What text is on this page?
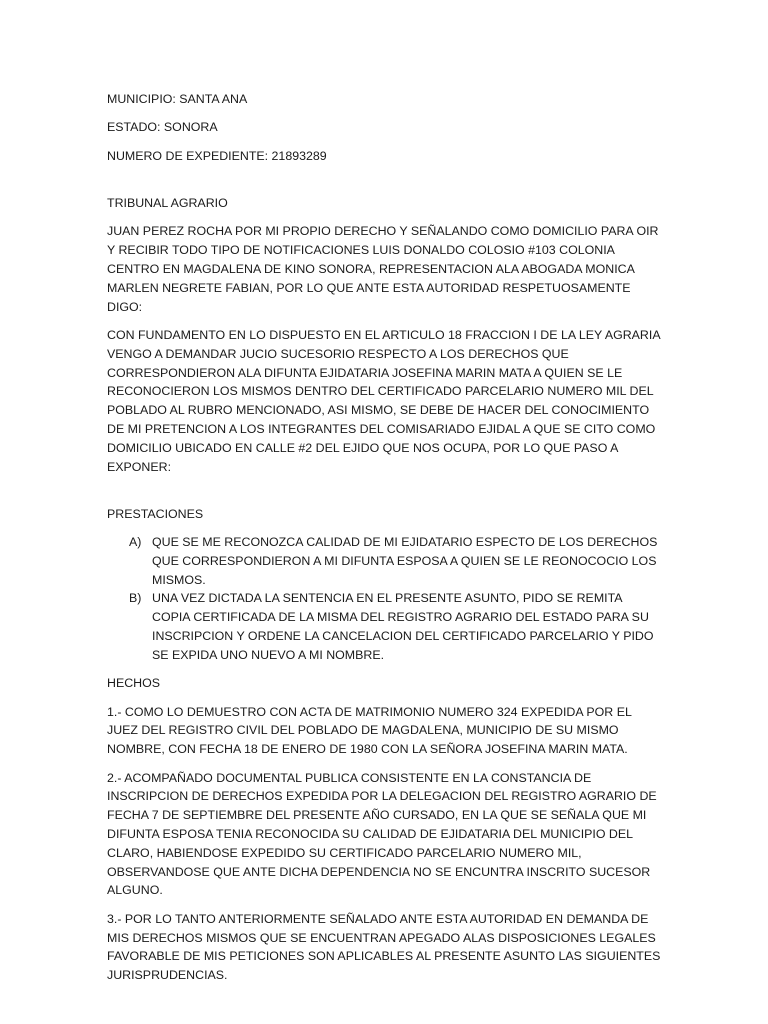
MUNICIPIO: SANTA ANA

ESTADO: SONORA

NUMERO DE EXPEDIENTE: 21893289

TRIBUNAL AGRARIO

JUAN PEREZ ROCHA POR MI PROPIO DERECHO Y SEÑALANDO COMO DOMICILIO PARA OIR Y RECIBIR TODO TIPO DE NOTIFICACIONES LUIS DONALDO COLOSIO #103 COLONIA CENTRO EN MAGDALENA DE KINO SONORA, REPRESENTACION ALA ABOGADA MONICA MARLEN NEGRETE FABIAN, POR LO QUE ANTE ESTA AUTORIDAD RESPETUOSAMENTE DIGO:

CON FUNDAMENTO EN LO DISPUESTO EN EL ARTICULO 18 FRACCION I DE LA LEY AGRARIA VENGO A DEMANDAR JUCIO SUCESORIO RESPECTO A LOS DERECHOS QUE CORRESPONDIERON ALA DIFUNTA EJIDATARIA JOSEFINA MARIN MATA A QUIEN SE LE RECONOCIERON LOS MISMOS DENTRO DEL CERTIFICADO PARCELARIO NUMERO MIL DEL POBLADO AL RUBRO MENCIONADO, ASI MISMO, SE DEBE DE HACER DEL CONOCIMIENTO DE MI PRETENCION A LOS INTEGRANTES DEL COMISARIADO EJIDAL A QUE SE CITO COMO DOMICILIO UBICADO EN CALLE #2 DEL EJIDO QUE NOS OCUPA, POR LO QUE PASO A EXPONER:

PRESTACIONES

A) QUE SE ME RECONOZCA CALIDAD DE MI EJIDATARIO ESPECTO DE LOS DERECHOS QUE CORRESPONDIERON A MI DIFUNTA ESPOSA A QUIEN SE LE REONOCOCIO LOS MISMOS.
B) UNA VEZ DICTADA LA SENTENCIA EN EL PRESENTE ASUNTO, PIDO SE REMITA COPIA CERTIFICADA DE LA MISMA DEL REGISTRO AGRARIO DEL ESTADO PARA SU INSCRIPCION Y ORDENE LA CANCELACION DEL CERTIFICADO PARCELARIO Y PIDO SE EXPIDA UNO NUEVO A MI NOMBRE.

HECHOS

1.- COMO LO DEMUESTRO CON ACTA DE MATRIMONIO NUMERO 324 EXPEDIDA POR EL JUEZ DEL REGISTRO CIVIL DEL POBLADO DE MAGDALENA, MUNICIPIO DE SU MISMO NOMBRE, CON FECHA 18 DE ENERO DE 1980 CON LA SEÑORA JOSEFINA MARIN MATA.

2.- ACOMPAÑADO DOCUMENTAL PUBLICA CONSISTENTE EN LA CONSTANCIA DE INSCRIPCION DE DERECHOS EXPEDIDA POR LA DELEGACION DEL REGISTRO AGRARIO DE FECHA 7 DE SEPTIEMBRE DEL PRESENTE AÑO CURSADO, EN LA QUE SE SEÑALA QUE MI DIFUNTA ESPOSA TENIA RECONOCIDA SU CALIDAD DE EJIDATARIA DEL MUNICIPIO DEL CLARO, HABIENDOSE EXPEDIDO SU CERTIFICADO PARCELARIO NUMERO MIL, OBSERVANDOSE QUE ANTE DICHA DEPENDENCIA NO SE ENCUNTRA INSCRITO SUCESOR ALGUNO.

3.- POR LO TANTO ANTERIORMENTE SEÑALADO ANTE ESTA AUTORIDAD EN DEMANDA DE MIS DERECHOS MISMOS QUE SE ENCUENTRAN APEGADO ALAS DISPOSICIONES LEGALES FAVORABLE DE MIS PETICIONES SON APLICABLES AL PRESENTE ASUNTO LAS SIGUIENTES JURISPRUDENCIAS.
